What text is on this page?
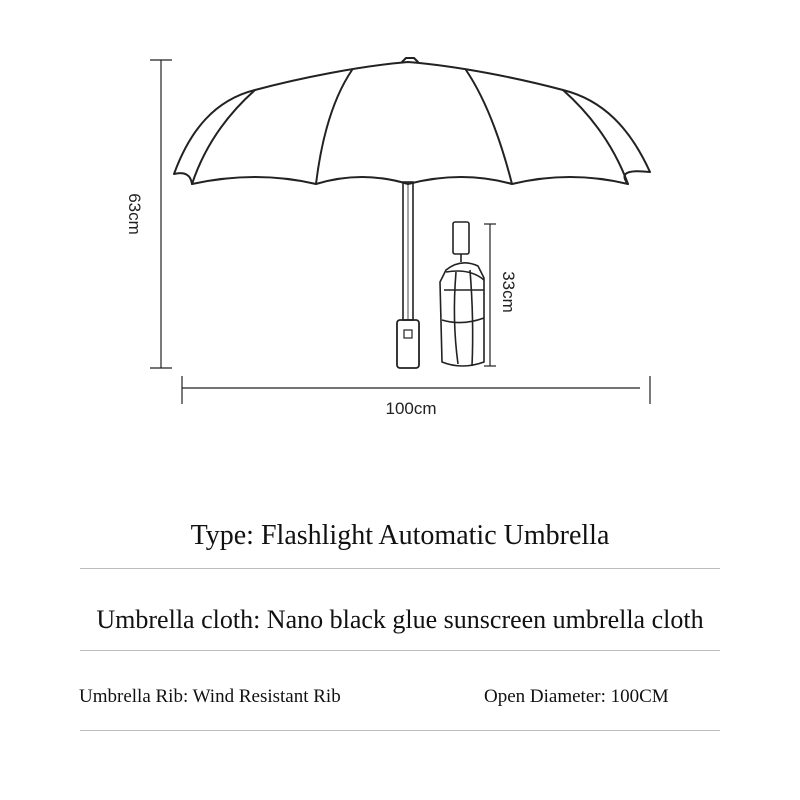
63cm
33cm
100cm
Type: Flashlight Automatic Umbrella
Umbrella cloth: Nano black glue sunscreen umbrella cloth
Umbrella Rib: Wind Resistant Rib	Open Diameter: 100CM
